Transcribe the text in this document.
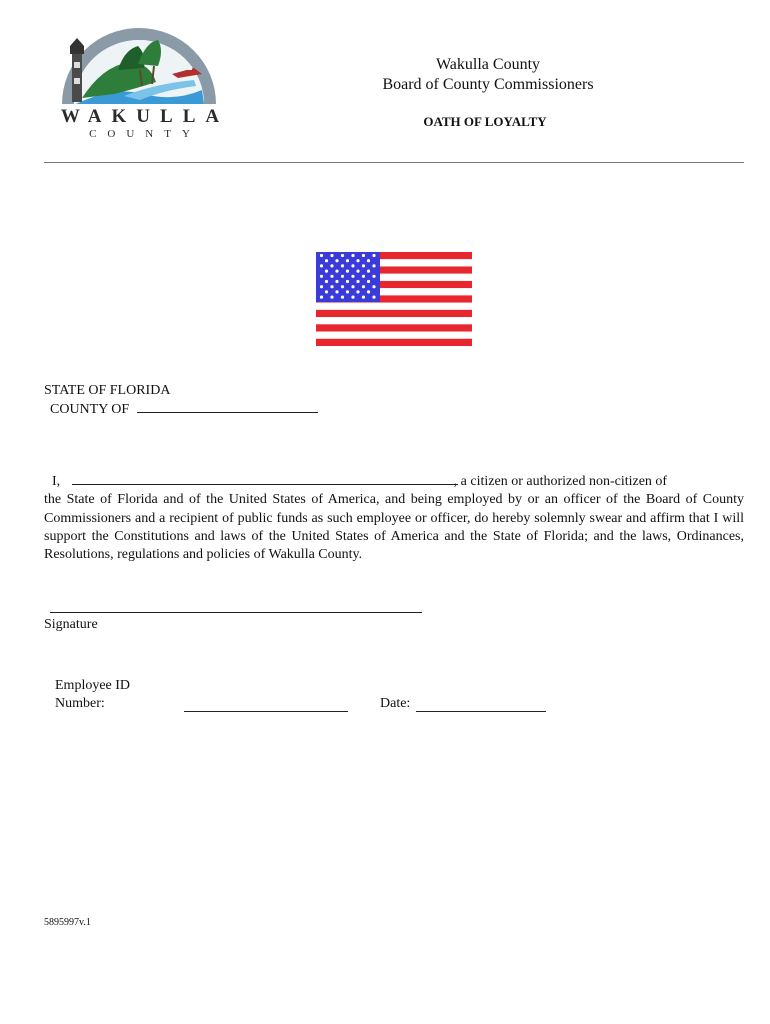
WAKULLA
COUNTY
Wakulla County
Board of County Commissioners
OATH OF LOYALTY
STATE OF FLORIDA
COUNTY OF
I,	, a citizen or authorized non-citizen of
the State of Florida and of the United States of America, and being employed by or an officer of the Board of County Commissioners and a recipient of public funds as such employee or officer, do hereby solemnly swear and affirm that I will support the Constitutions and laws of the United States of America and the State of Florida; and the laws, Ordinances, Resolutions, regulations and policies of Wakulla County.
Signature
Employee ID
Number:	Date:
5895997v.1
